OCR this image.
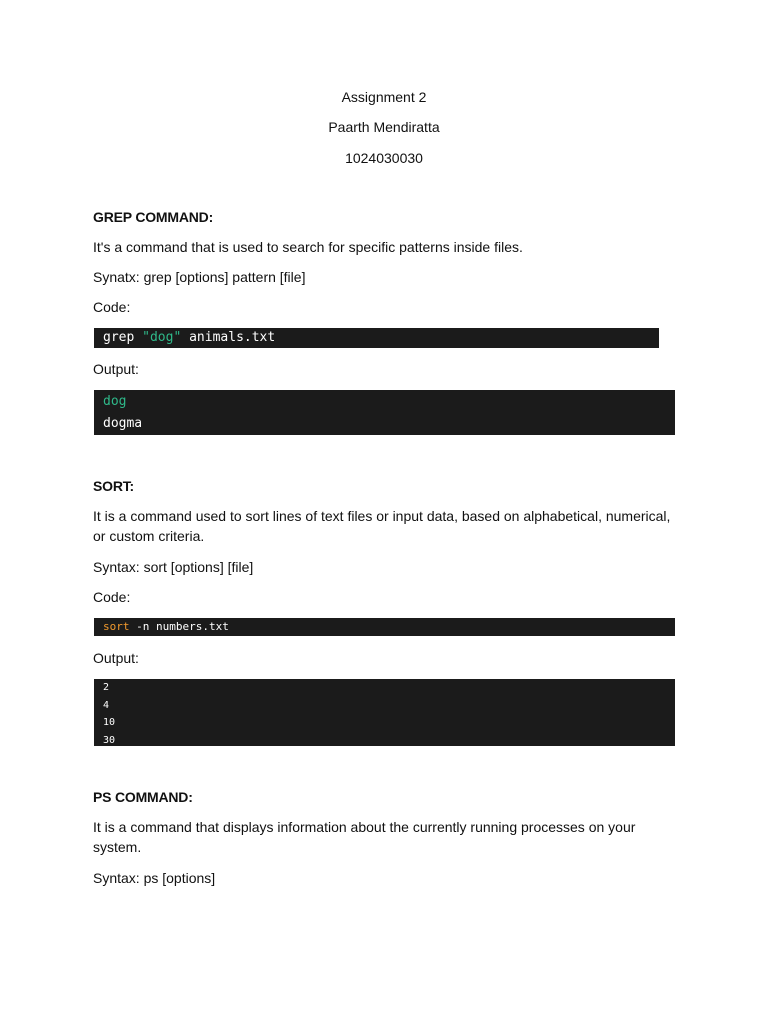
Assignment 2
Paarth Mendiratta
1024030030
GREP COMMAND:
It's a command that is used to search for specific patterns inside files.
Synatx: grep [options] pattern [file]
Code:
grep "dog" animals.txt
Output:
dog
dogma
SORT:
It is a command used to sort lines of text files or input data, based on alphabetical, numerical, or custom criteria.
Syntax: sort [options] [file]
Code:
sort -n numbers.txt
Output:
2
4
10
30
PS COMMAND:
It is a command that displays information about the currently running processes on your system.
Syntax: ps [options]
